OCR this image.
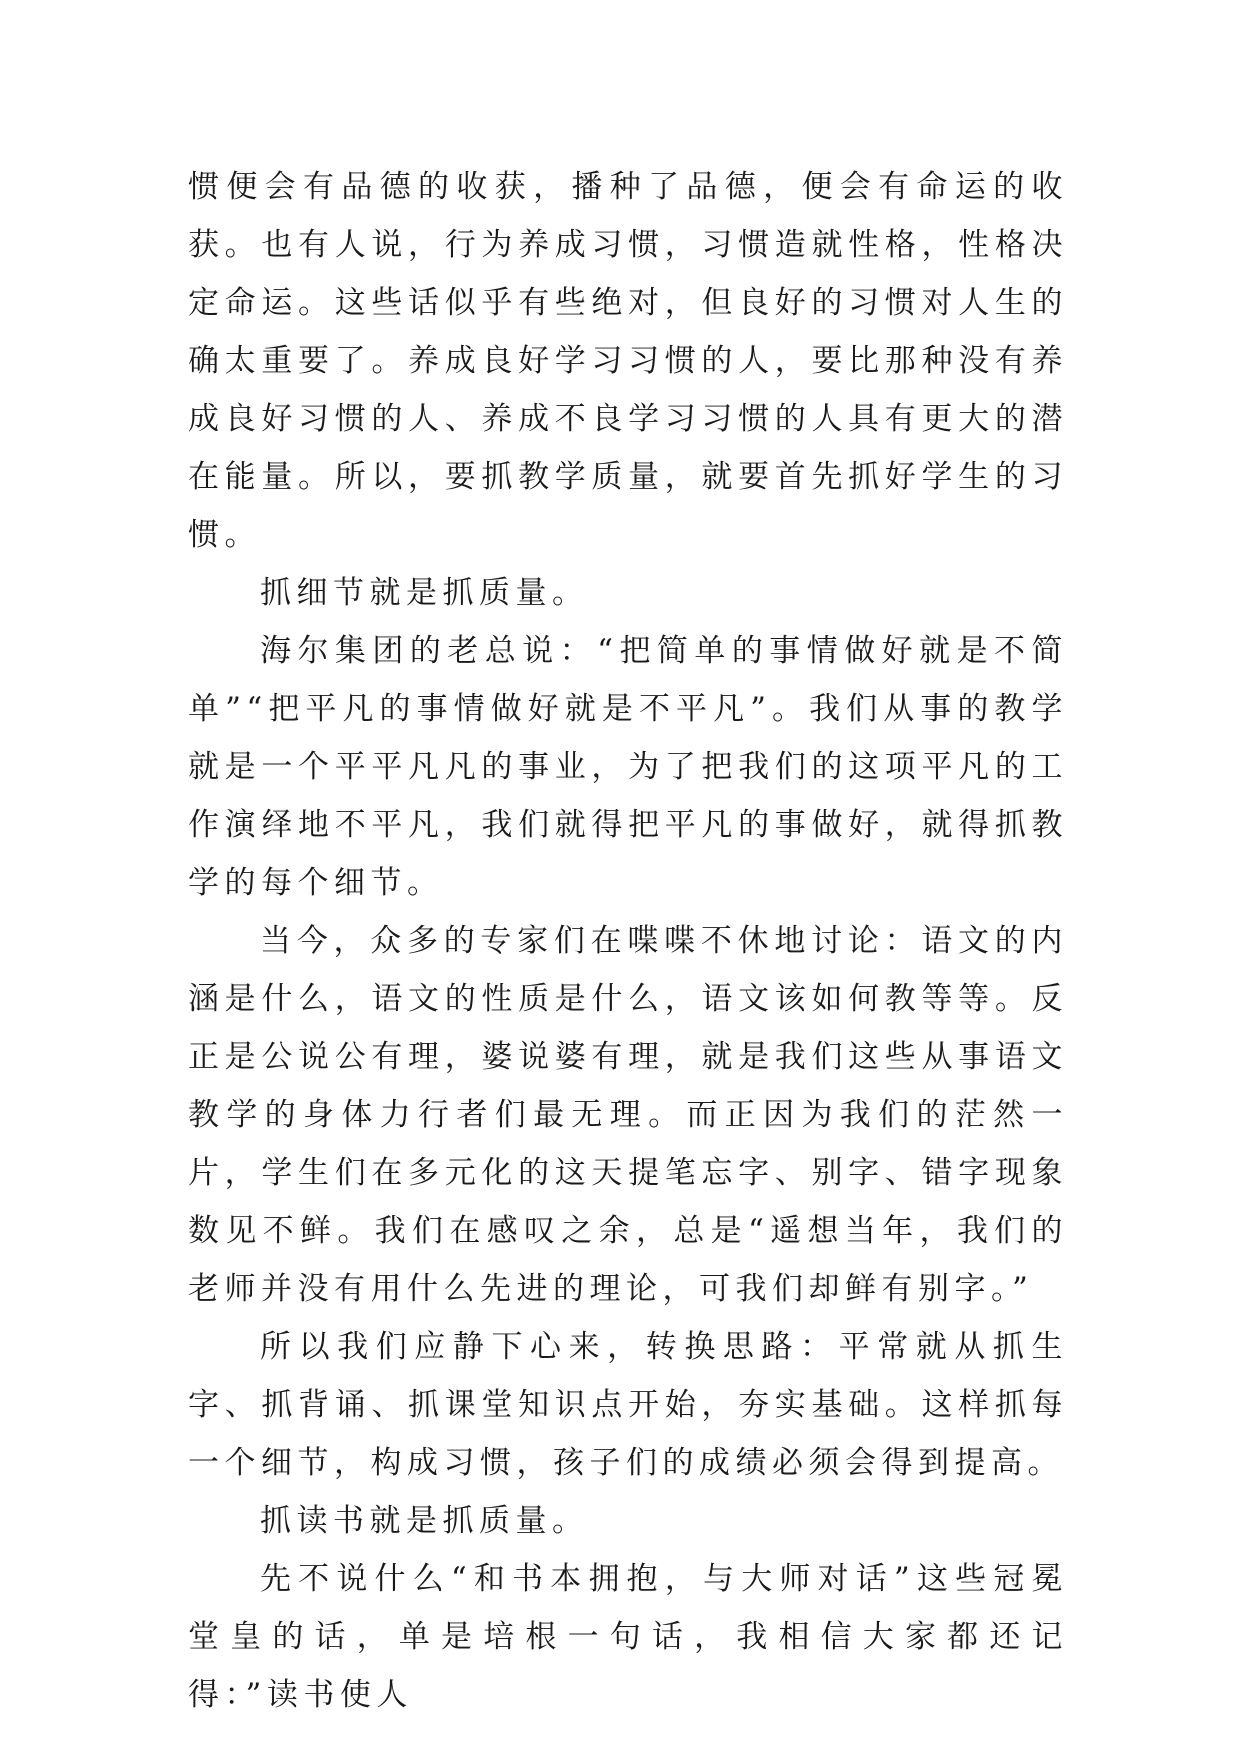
惯便会有品德的收获，播种了品德，便会有命运的收获。也有人说，行为养成习惯，习惯造就性格，性格决定命运。这些话似乎有些绝对，但良好的习惯对人生的确太重要了。养成良好学习习惯的人，要比那种没有养成良好习惯的人、养成不良学习习惯的人具有更大的潜在能量。所以，要抓教学质量，就要首先抓好学生的习惯。

抓细节就是抓质量。

海尔集团的老总说：“把简单的事情做好就是不简单”“把平凡的事情做好就是不平凡”。我们从事的教学就是一个平平凡凡的事业，为了把我们的这项平凡的工作演绎地不平凡，我们就得把平凡的事做好，就得抓教学的每个细节。

当今，众多的专家们在喋喋不休地讨论：语文的内涵是什么，语文的性质是什么，语文该如何教等等。反正是公说公有理，婆说婆有理，就是我们这些从事语文教学的身体力行者们最无理。而正因为我们的茫然一片，学生们在多元化的这天提笔忘字、别字、错字现象数见不鲜。我们在感叹之余，总是“遥想当年，我们的老师并没有用什么先进的理论，可我们却鲜有别字。”

所以我们应静下心来，转换思路：平常就从抓生字、抓背诵、抓课堂知识点开始，夯实基础。这样抓每一个细节，构成习惯，孩子们的成绩必须会得到提高。

抓读书就是抓质量。

先不说什么“和书本拥抱，与大师对话”这些冠冕堂皇的话，单是培根一句话，我相信大家都还记得：”读书使人
